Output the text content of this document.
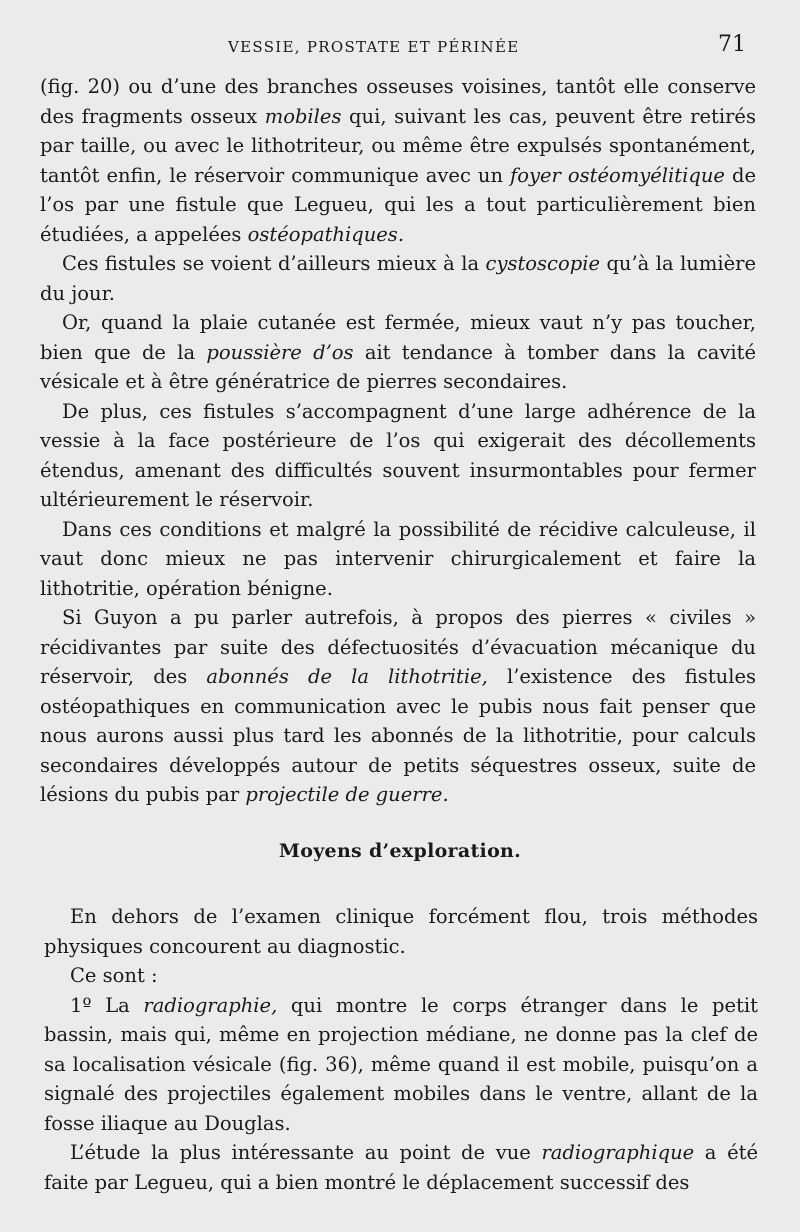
VESSIE, PROSTATE ET PÉRINÉE	71

(fig. 20) ou d’une des branches osseuses voisines, tantôt elle conserve des fragments osseux mobiles qui, suivant les cas, peuvent être retirés par taille, ou avec le lithotriteur, ou même être expulsés spontanément, tantôt enfin, le réservoir communique avec un foyer ostéomyélitique de l’os par une fistule que Legueu, qui les a tout particulièrement bien étudiées, a appelées ostéopathiques.

Ces fistules se voient d’ailleurs mieux à la cystoscopie qu’à la lumière du jour.

Or, quand la plaie cutanée est fermée, mieux vaut n’y pas toucher, bien que de la poussière d’os ait tendance à tomber dans la cavité vésicale et à être génératrice de pierres secondaires.

De plus, ces fistules s’accompagnent d’une large adhérence de la vessie à la face postérieure de l’os qui exigerait des décollements étendus, amenant des difficultés souvent insurmontables pour fermer ultérieurement le réservoir.

Dans ces conditions et malgré la possibilité de récidive calculeuse, il vaut donc mieux ne pas intervenir chirurgicalement et faire la lithotritie, opération bénigne.

Si Guyon a pu parler autrefois, à propos des pierres « civiles » récidivantes par suite des défectuosités d’évacuation mécanique du réservoir, des abonnés de la lithotritie, l’existence des fistules ostéopathiques en communication avec le pubis nous fait penser que nous aurons aussi plus tard les abonnés de la lithotritie, pour calculs secondaires développés autour de petits séquestres osseux, suite de lésions du pubis par projectile de guerre.

Moyens d’exploration.

En dehors de l’examen clinique forcément flou, trois méthodes physiques concourent au diagnostic.

Ce sont :

1º La radiographie, qui montre le corps étranger dans le petit bassin, mais qui, même en projection médiane, ne donne pas la clef de sa localisation vésicale (fig. 36), même quand il est mobile, puisqu’on a signalé des projectiles également mobiles dans le ventre, allant de la fosse iliaque au Douglas.

L’étude la plus intéressante au point de vue radiographique a été faite par Legueu, qui a bien montré le déplacement successif des
